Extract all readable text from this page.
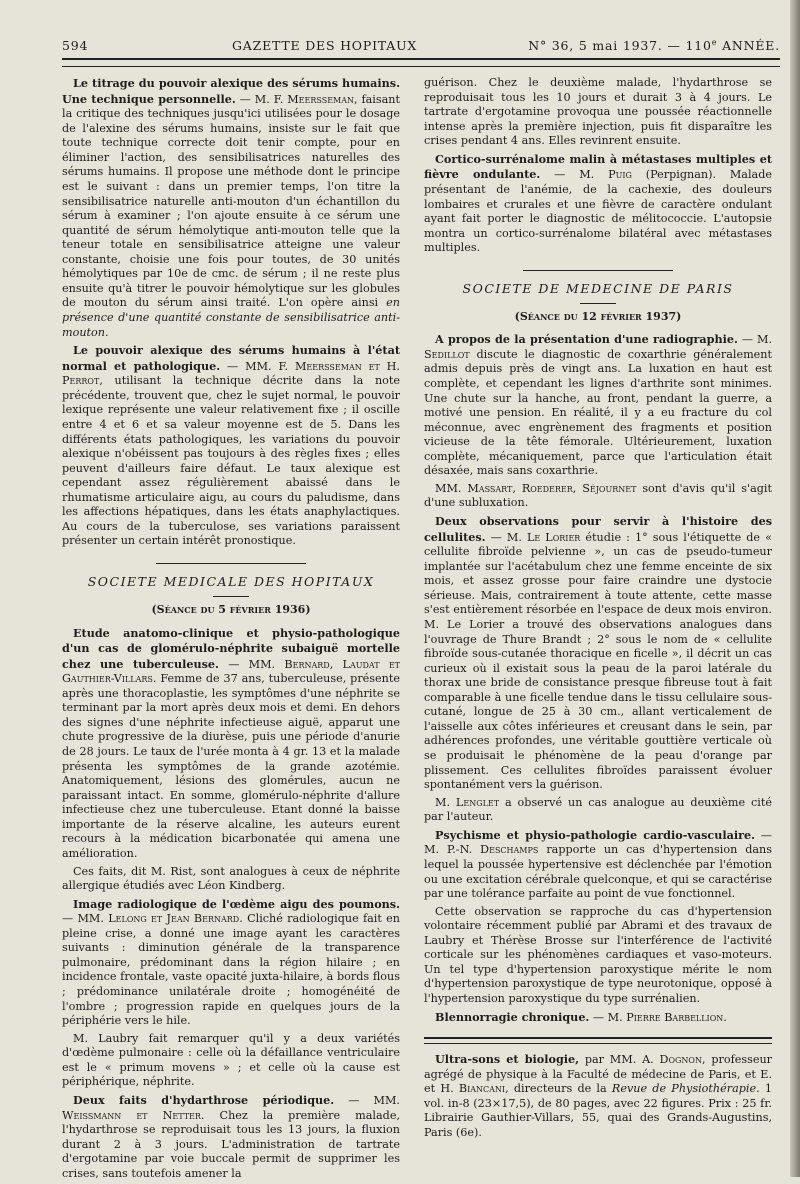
594	GAZETTE DES HOPITAUX	N° 36, 5 mai 1937. — 110e ANNÉE.

Le titrage du pouvoir alexique des sérums humains. Une technique personnelle. — M. F. Meersseman, faisant la critique des techniques jusqu'ici utilisées pour le dosage de l'alexine des sérums humains, insiste sur le fait que toute technique correcte doit tenir compte, pour en éliminer l'action, des sensibilisatrices naturelles des sérums humains. Il propose une méthode dont le principe est le suivant : dans un premier temps, l'on titre la sensibilisatrice naturelle anti-mouton d'un échantillon du sérum à examiner ; l'on ajoute ensuite à ce sérum une quantité de sérum hémolytique anti-mouton telle que la teneur totale en sensibilisatrice atteigne une valeur constante, choisie une fois pour toutes, de 30 unités hémolytiques par 10e de cmc. de sérum ; il ne reste plus ensuite qu'à titrer le pouvoir hémolytique sur les globules de mouton du sérum ainsi traité. L'on opère ainsi en présence d'une quantité constante de sensibilisatrice anti-mouton.

Le pouvoir alexique des sérums humains à l'état normal et pathologique. — MM. F. Meersseman et H. Perrot, utilisant la technique décrite dans la note précédente, trouvent que, chez le sujet normal, le pouvoir lexique représente une valeur relativement fixe ; il oscille entre 4 et 6 et sa valeur moyenne est de 5. Dans les différents états pathologiques, les variations du pouvoir alexique n'obéissent pas toujours à des règles fixes ; elles peuvent d'ailleurs faire défaut. Le taux alexique est cependant assez régulièrement abaissé dans le rhumatisme articulaire aigu, au cours du paludisme, dans les affections hépatiques, dans les états anaphylactiques. Au cours de la tuberculose, ses variations paraissent présenter un certain intérêt pronostique.

SOCIETE MEDICALE DES HOPITAUX
(Séance du 5 février 1936)

Etude anatomo-clinique et physio-pathologique d'un cas de glomérulo-néphrite subaiguë mortelle chez une tuberculeuse. — MM. Bernard, Laudat et Gauthier-Villars. Femme de 37 ans, tuberculeuse, présente après une thoracoplastie, les symptômes d'une néphrite se terminant par la mort après deux mois et demi. En dehors des signes d'une néphrite infectieuse aiguë, apparut une chute progressive de la diurèse, puis une période d'anurie de 28 jours. Le taux de l'urée monta à 4 gr. 13 et la malade présenta les symptômes de la grande azotémie. Anatomiquement, lésions des glomérules, aucun ne paraissant intact. En somme, glomérulo-néphrite d'allure infectieuse chez une tuberculeuse. Etant donné la baisse importante de la réserve alcaline, les auteurs eurent recours à la médication bicarbonatée qui amena une amélioration.

Ces faits, dit M. Rist, sont analogues à ceux de néphrite allergique étudiés avec Léon Kindberg.

Image radiologique de l'œdème aigu des poumons. — MM. Lelong et Jean Bernard. Cliché radiologique fait en pleine crise, a donné une image ayant les caractères suivants : diminution générale de la transparence pulmonaire, prédominant dans la région hilaire ; en incidence frontale, vaste opacité juxta-hilaire, à bords flous ; prédominance unilatérale droite ; homogénéité de l'ombre ; progression rapide en quelques jours de la périphérie vers le hile.

M. Laubry fait remarquer qu'il y a deux variétés d'œdème pulmonaire : celle où la défaillance ventriculaire est le « primum movens » ; et celle où la cause est périphérique, néphrite.

Deux faits d'hydarthrose périodique. — MM. Weissmann et Netter. Chez la première malade, l'hydarthrose se reproduisait tous les 13 jours, la fluxion durant 2 à 3 jours. L'administration de tartrate d'ergotamine par voie buccale permit de supprimer les crises, sans toutefois amener la

guérison. Chez le deuxième malade, l'hydarthrose se reproduisait tous les 10 jours et durait 3 à 4 jours. Le tartrate d'ergotamine provoqua une poussée réactionnelle intense après la première injection, puis fit disparaître les crises pendant 4 ans. Elles revinrent ensuite.

Cortico-surrénalome malin à métastases multiples et fièvre ondulante. — M. Puig (Perpignan). Malade présentant de l'anémie, de la cachexie, des douleurs lombaires et crurales et une fièvre de caractère ondulant ayant fait porter le diagnostic de mélitococcie. L'autopsie montra un cortico-surrénalome bilatéral avec métastases multiples.

SOCIETE DE MEDECINE DE PARIS
(Séance du 12 février 1937)

A propos de la présentation d'une radiographie. — M. Sedillot discute le diagnostic de coxarthrie généralement admis depuis près de vingt ans. La luxation en haut est complète, et cependant les lignes d'arthrite sont minimes. Une chute sur la hanche, au front, pendant la guerre, a motivé une pension. En réalité, il y a eu fracture du col méconnue, avec engrènement des fragments et position vicieuse de la tête fémorale. Ultérieurement, luxation complète, mécaniquement, parce que l'articulation était désaxée, mais sans coxarthrie.

MM. Massart, Roederer, Séjournet sont d'avis qu'il s'agit d'une subluxation.

Deux observations pour servir à l'histoire des cellulites. — M. Le Lorier étudie : 1° sous l'étiquette de « cellulite fibroïde pelvienne », un cas de pseudo-tumeur implantée sur l'acétabulum chez une femme enceinte de six mois, et assez grosse pour faire craindre une dystocie sérieuse. Mais, contrairement à toute attente, cette masse s'est entièrement résorbée en l'espace de deux mois environ. M. Le Lorier a trouvé des observations analogues dans l'ouvrage de Thure Brandt ; 2° sous le nom de « cellulite fibroïde sous-cutanée thoracique en ficelle », il décrit un cas curieux où il existait sous la peau de la paroi latérale du thorax une bride de consistance presque fibreuse tout à fait comparable à une ficelle tendue dans le tissu cellulaire sous-cutané, longue de 25 à 30 cm., allant verticalement de l'aisselle aux côtes inférieures et creusant dans le sein, par adhérences profondes, une véritable gouttière verticale où se produisait le phénomène de la peau d'orange par plissement. Ces cellulites fibroïdes paraissent évoluer spontanément vers la guérison.

M. Lenglet a observé un cas analogue au deuxième cité par l'auteur.

Psychisme et physio-pathologie cardio-vasculaire. — M. P.-N. Deschamps rapporte un cas d'hypertension dans lequel la poussée hypertensive est déclenchée par l'émotion ou une excitation cérébrale quelconque, et qui se caractérise par une tolérance parfaite au point de vue fonctionnel.

Cette observation se rapproche du cas d'hypertension volontaire récemment publié par Abrami et des travaux de Laubry et Thérèse Brosse sur l'interférence de l'activité corticale sur les phénomènes cardiaques et vaso-moteurs. Un tel type d'hypertension paroxystique mérite le nom d'hypertension paroxystique de type neurotonique, opposé à l'hypertension paroxystique du type surrénalien.

Blennorragie chronique. — M. Pierre Barbellion.

Ultra-sons et biologie, par MM. A. Dognon, professeur agrégé de physique à la Faculté de médecine de Paris, et E. et H. Biancani, directeurs de la Revue de Physiothérapie. 1 vol. in-8 (23×17,5), de 80 pages, avec 22 figures. Prix : 25 fr. Librairie Gauthier-Villars, 55, quai des Grands-Augustins, Paris (6e).
